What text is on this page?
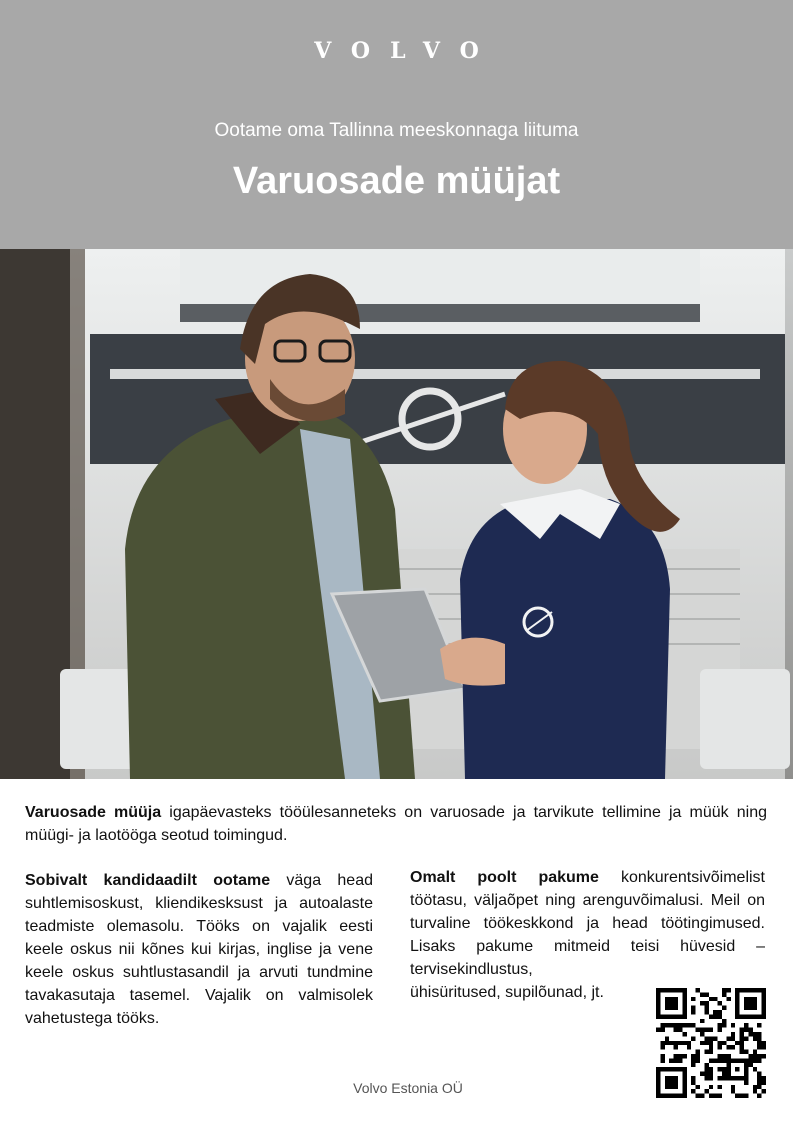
VOLVO
Ootame oma Tallinna meeskonnaga liituma
Varuosade müüjat

Varuosade müüja igapäevasteks tööülesanneteks on varuosade ja tarvikute tellimine ja müük ning müügi- ja laotööga seotud toimingud.

Sobivalt kandidaadilt ootame väga head suhtlemisoskust, kliendikesksust ja autoalaste teadmiste olemasolu. Tööks on vajalik eesti keele oskus nii kõnes kui kirjas, inglise ja vene keele oskus suhtlustasandil ja arvuti tundmine tavakasutaja tasemel. Vajalik on valmisolek vahetustega tööks.

Omalt poolt pakume konkurentsivõimelist töötasu, väljaõpet ning arenguvõimalusi. Meil on turvaline töökeskkond ja head töötingimused. Lisaks pakume mitmeid teisi hüvesid – tervisekindlustus,
ühisüritused, supilõunad, jt.
Volvo Estonia OÜ
